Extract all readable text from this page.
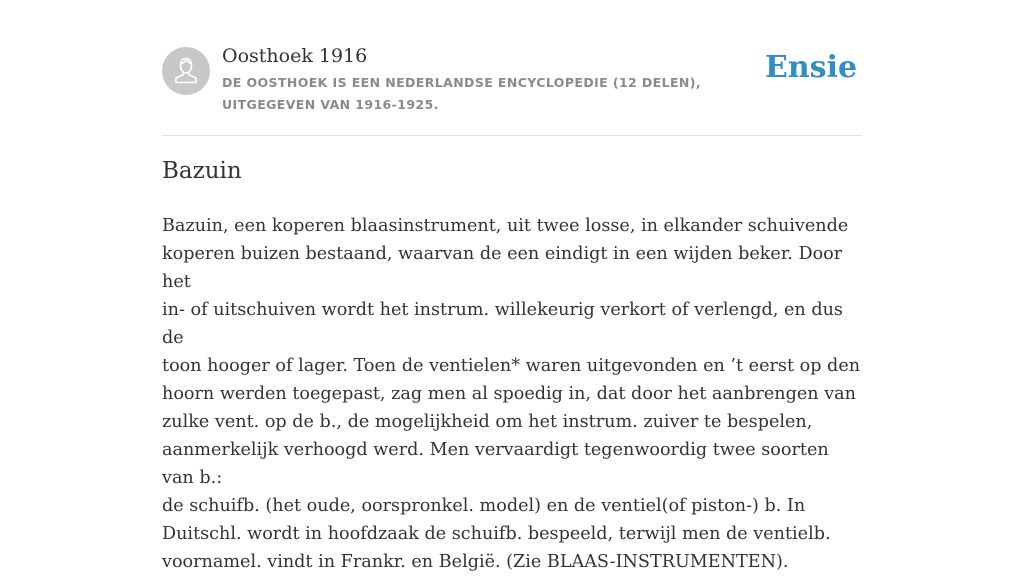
Oosthoek 1916
DE OOSTHOEK IS EEN NEDERLANDSE ENCYCLOPEDIE (12 DELEN), UITGEGEVEN VAN 1916-1925.
Ensie
Bazuin

Bazuin, een koperen blaasinstrument, uit twee losse, in elkander schuivende
koperen buizen bestaand, waarvan de een eindigt in een wijden beker. Door het
in- of uitschuiven wordt het instrum. willekeurig verkort of verlengd, en dus de
toon hooger of lager. Toen de ventielen* waren uitgevonden en ’t eerst op den
hoorn werden toegepast, zag men al spoedig in, dat door het aanbrengen van
zulke vent. op de b., de mogelijkheid om het instrum. zuiver te bespelen,
aanmerkelijk verhoogd werd. Men vervaardigt tegenwoordig twee soorten van b.:
de schuifb. (het oude, oorspronkel. model) en de ventiel(of piston-) b. In
Duitschl. wordt in hoofdzaak de schuifb. bespeeld, terwijl men de ventielb.
voornamel. vindt in Frankr. en België. (Zie BLAAS-INSTRUMENTEN).
